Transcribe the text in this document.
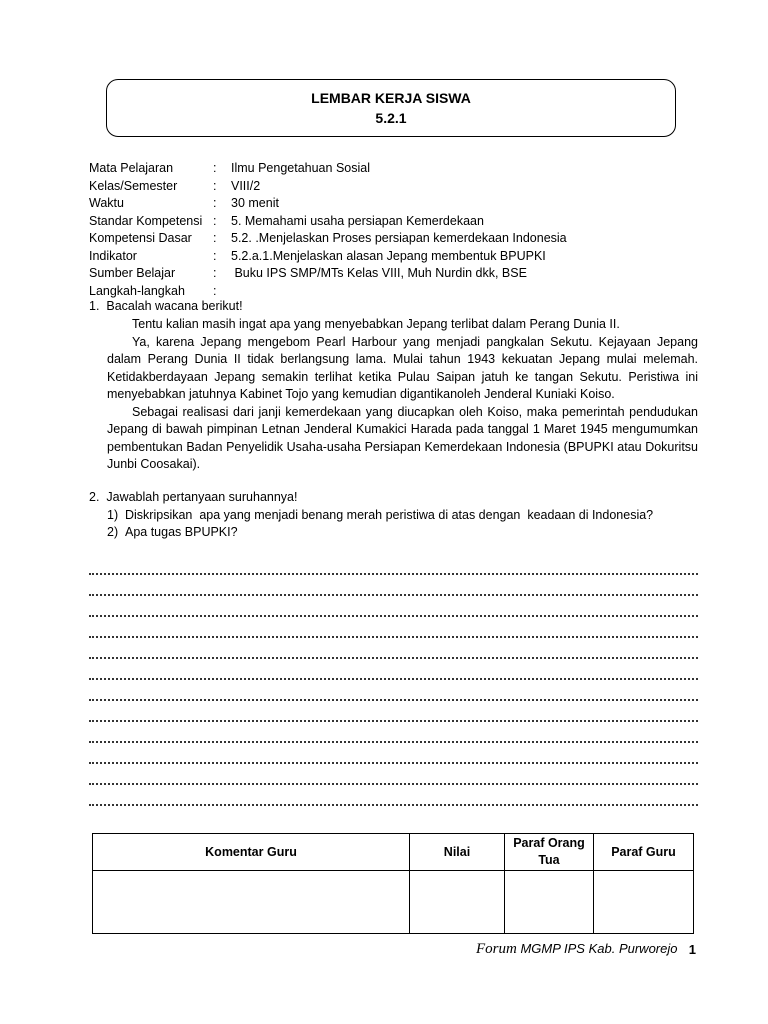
LEMBAR KERJA SISWA
5.2.1
Mata Pelajaran	: Ilmu Pengetahuan Sosial
Kelas/Semester	: VIII/2
Waktu	: 30 menit
Standar Kompetensi : 5. Memahami usaha persiapan Kemerdekaan
Kompetensi Dasar : 5.2. .Menjelaskan Proses persiapan kemerdekaan Indonesia
Indikator	: 5.2.a.1.Menjelaskan alasan Jepang membentuk BPUPKI
Sumber Belajar	: Buku IPS SMP/MTs Kelas VIII, Muh Nurdin dkk, BSE
Langkah-langkah :
1.  Bacalah wacana berikut!

Tentu kalian masih ingat apa yang menyebabkan Jepang terlibat dalam Perang Dunia II.

Ya, karena Jepang mengebom Pearl Harbour yang menjadi pangkalan Sekutu. Kejayaan Jepang dalam Perang Dunia II tidak berlangsung lama. Mulai tahun 1943 kekuatan Jepang mulai melemah. Ketidakberdayaan Jepang semakin terlihat ketika Pulau Saipan jatuh ke tangan Sekutu. Peristiwa ini menyebabkan jatuhnya Kabinet Tojo yang kemudian digantikanoleh Jenderal Kuniaki Koiso.

Sebagai realisasi dari janji kemerdekaan yang diucapkan oleh Koiso, maka pemerintah pendudukan Jepang di bawah pimpinan Letnan Jenderal Kumakici Harada pada tanggal 1 Maret 1945 mengumumkan pembentukan Badan Penyelidik Usaha-usaha Persiapan Kemerdekaan Indonesia (BPUPKI atau Dokuritsu Junbi Coosakai).

2.  Jawablah pertanyaan suruhannya!
1) Diskripsikan  apa yang menjadi benang merah peristiwa di atas dengan  keadaan di Indonesia?
2) Apa tugas BPUPKI?
Komentar Guru	Nilai	Paraf Orang Tua	Paraf Guru

Forum MGMP IPS Kab. Purworejo 1
